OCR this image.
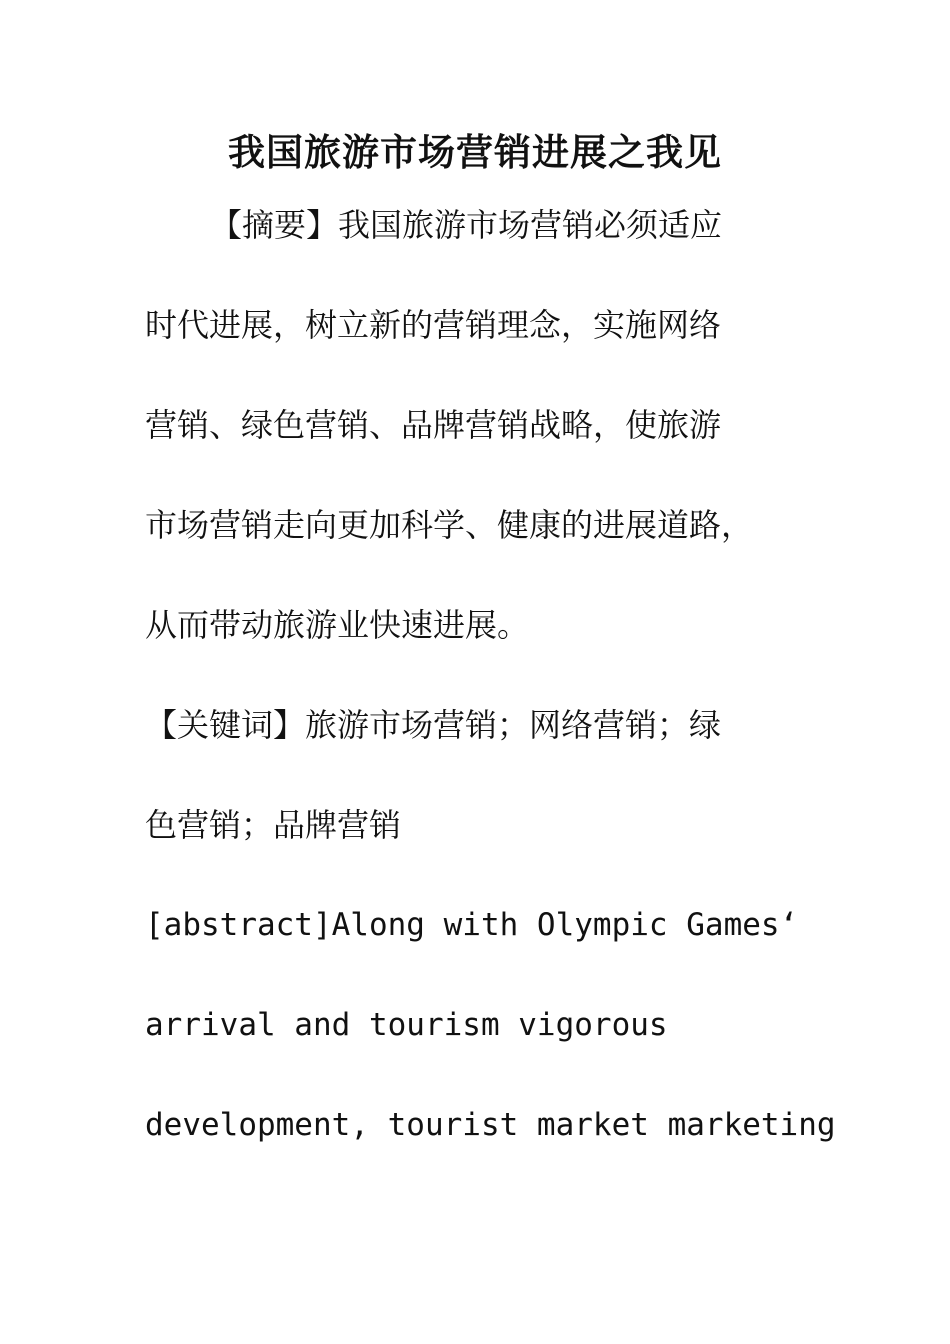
我国旅游市场营销进展之我见
【摘要】我国旅游市场营销必须适应
时代进展，树立新的营销理念，实施网络
营销、绿色营销、品牌营销战略，使旅游
市场营销走向更加科学、健康的进展道路，
从而带动旅游业快速进展。
【关键词】旅游市场营销；网络营销；绿
色营销；品牌营销
[abstract]Along with Olympic Games‘
arrival and tourism vigorous
development, tourist market marketing
